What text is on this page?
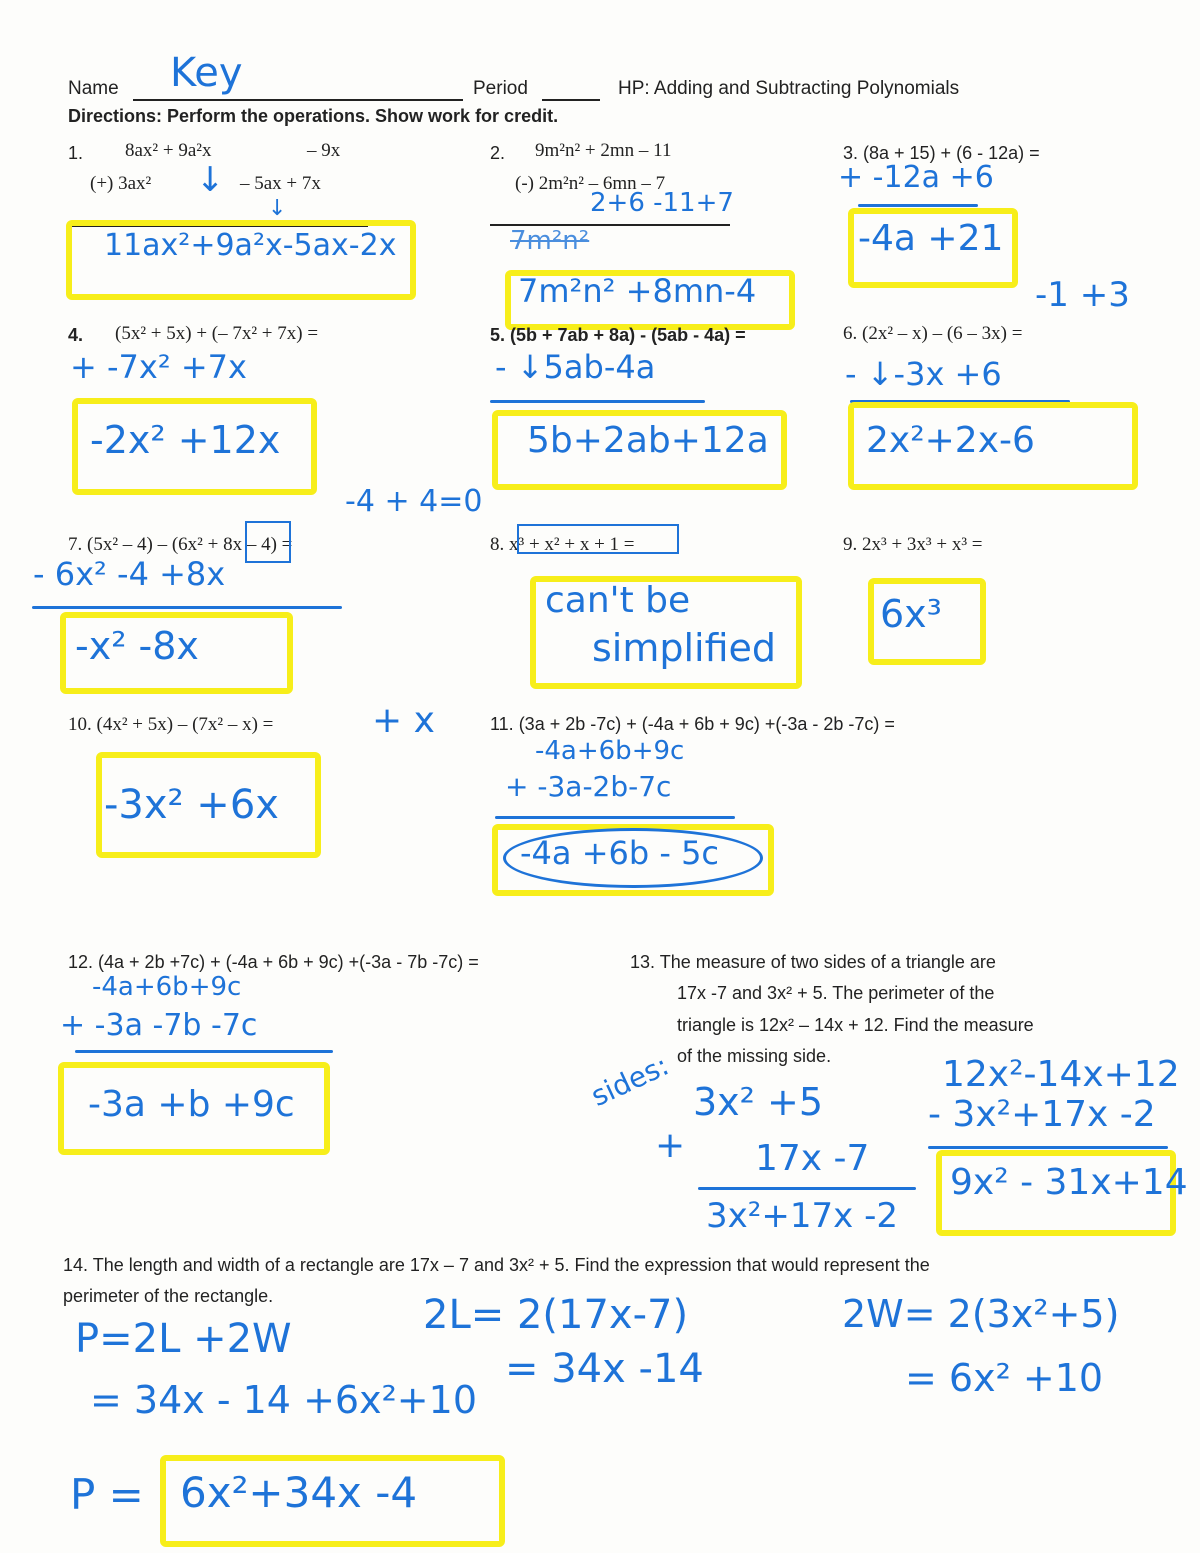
Name Key	Period	HP: Adding and Subtracting Polynomials
Directions: Perform the operations. Show work for credit.
1. 8ax² + 9a²x	– 9x
(+) 3ax²	– 5ax + 7x
↓
↓
11ax²+9a²x-5ax-2x
2. 9m²n² + 2mn – 11
(-) 2m²n² – 6mn – 7
2+6 -11+7
7m²n²
7m²n² +8mn-4
3. (8a + 15) + (6 - 12a) =
+ -12a +6
-4a +21
4. (5x² + 5x) + (– 7x² + 7x) =
+ -7x² +7x
-2x² +12x
5. (5b + 7ab + 8a) - (5ab - 4a) =
- ↓5ab-4a
5b+2ab+12a
6. (2x² – x) – (6 – 3x) =
-1 +3
- ↓-3x +6
2x²+2x-6
-4 + 4=0
7. (5x² – 4) – (6x² + 8x – 4) =
- 6x² -4 +8x
-x² -8x
8. x³ + x² + x + 1 =
can't be
simplified
9. 2x³ + 3x³ + x³ =
6x³
10. (4x² + 5x) – (7x² – x) =	+ x
-3x² +6x
11. (3a + 2b -7c) + (-4a + 6b + 9c) +(-3a - 2b -7c) =
-4a+6b+9c
+ -3a-2b-7c
-4a +6b - 5c
12. (4a + 2b +7c) + (-4a + 6b + 9c) +(-3a - 7b -7c) =
-4a+6b+9c
+ -3a -7b -7c
-3a +b +9c
13. The measure of two sides of a triangle are
17x -7 and 3x² + 5. The perimeter of the
triangle is 12x² – 14x + 12. Find the measure
of the missing side.
sides: 3x² +5
+ 17x -7
3x²+17x -2
12x²-14x+12
- 3x²+17x -2
9x² - 31x+14
14. The length and width of a rectangle are 17x – 7 and 3x² + 5. Find the expression that would represent the
perimeter of the rectangle.
P=2L +2W
= 34x - 14 +6x²+10
2L= 2(17x-7)
= 34x -14
2W= 2(3x²+5)
= 6x² +10
P = 6x²+34x -4
